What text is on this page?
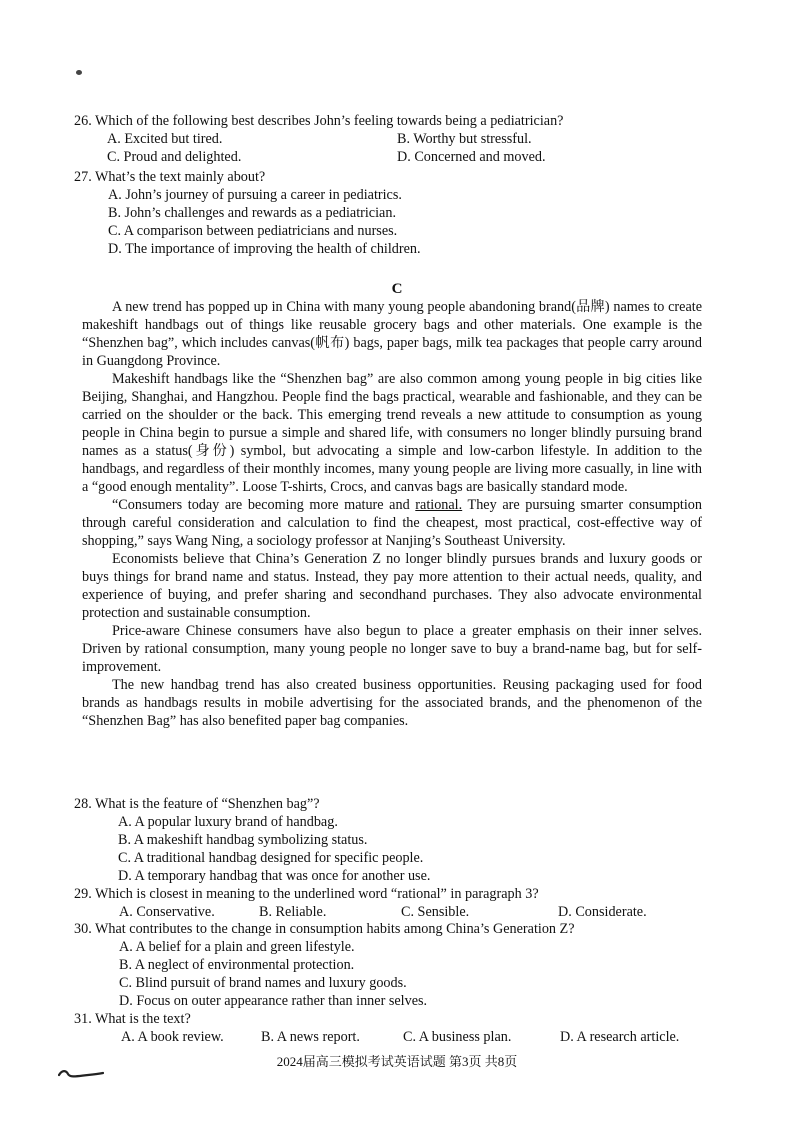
26. Which of the following best describes John’s feeling towards being a pediatrician?

A. Excited but tired.	B. Worthy but stressful.

C. Proud and delighted.	D. Concerned and moved.

27. What’s the text mainly about?

A. John’s journey of pursuing a career in pediatrics.

B. John’s challenges and rewards as a pediatrician.

C. A comparison between pediatricians and nurses.

D. The importance of improving the health of children.

C

A new trend has popped up in China with many young people abandoning brand(品牌) names to create makeshift handbags out of things like reusable grocery bags and other materials. One example is the “Shenzhen bag”, which includes canvas(帆布) bags, paper bags, milk tea packages that people carry around in Guangdong Province.

Makeshift handbags like the “Shenzhen bag” are also common among young people in big cities like Beijing, Shanghai, and Hangzhou. People find the bags practical, wearable and fashionable, and they can be carried on the shoulder or the back. This emerging trend reveals a new attitude to consumption as young people in China begin to pursue a simple and shared life, with consumers no longer blindly pursuing brand names as a status(身份) symbol, but advocating a simple and low-carbon lifestyle. In addition to the handbags, and regardless of their monthly incomes, many young people are living more casually, in line with a “good enough mentality”. Loose T-shirts, Crocs, and canvas bags are basically standard mode.

“Consumers today are becoming more mature and rational. They are pursuing smarter consumption through careful consideration and calculation to find the cheapest, most practical, cost-effective way of shopping,” says Wang Ning, a sociology professor at Nanjing’s Southeast University.

Economists believe that China’s Generation Z no longer blindly pursues brands and luxury goods or buys things for brand name and status. Instead, they pay more attention to their actual needs, quality, and experience of buying, and prefer sharing and secondhand purchases. They also advocate environmental protection and sustainable consumption.

Price-aware Chinese consumers have also begun to place a greater emphasis on their inner selves. Driven by rational consumption, many young people no longer save to buy a brand-name bag, but for self-improvement.

The new handbag trend has also created business opportunities. Reusing packaging used for food brands as handbags results in mobile advertising for the associated brands, and the phenomenon of the “Shenzhen Bag” has also benefited paper bag companies.

28. What is the feature of “Shenzhen bag”?

A. A popular luxury brand of handbag.

B. A makeshift handbag symbolizing status.

C. A traditional handbag designed for specific people.

D. A temporary handbag that was once for another use.

29. Which is closest in meaning to the underlined word “rational” in paragraph 3?

A. Conservative.	B. Reliable.	C. Sensible.	D. Considerate.

30. What contributes to the change in consumption habits among China’s Generation Z?

A. A belief for a plain and green lifestyle.

B. A neglect of environmental protection.

C. Blind pursuit of brand names and luxury goods.

D. Focus on outer appearance rather than inner selves.

31. What is the text?

A. A book review.	B. A news report.	C. A business plan.	D. A research article.

2024届高三模拟考试英语试题 第3页 共8页
